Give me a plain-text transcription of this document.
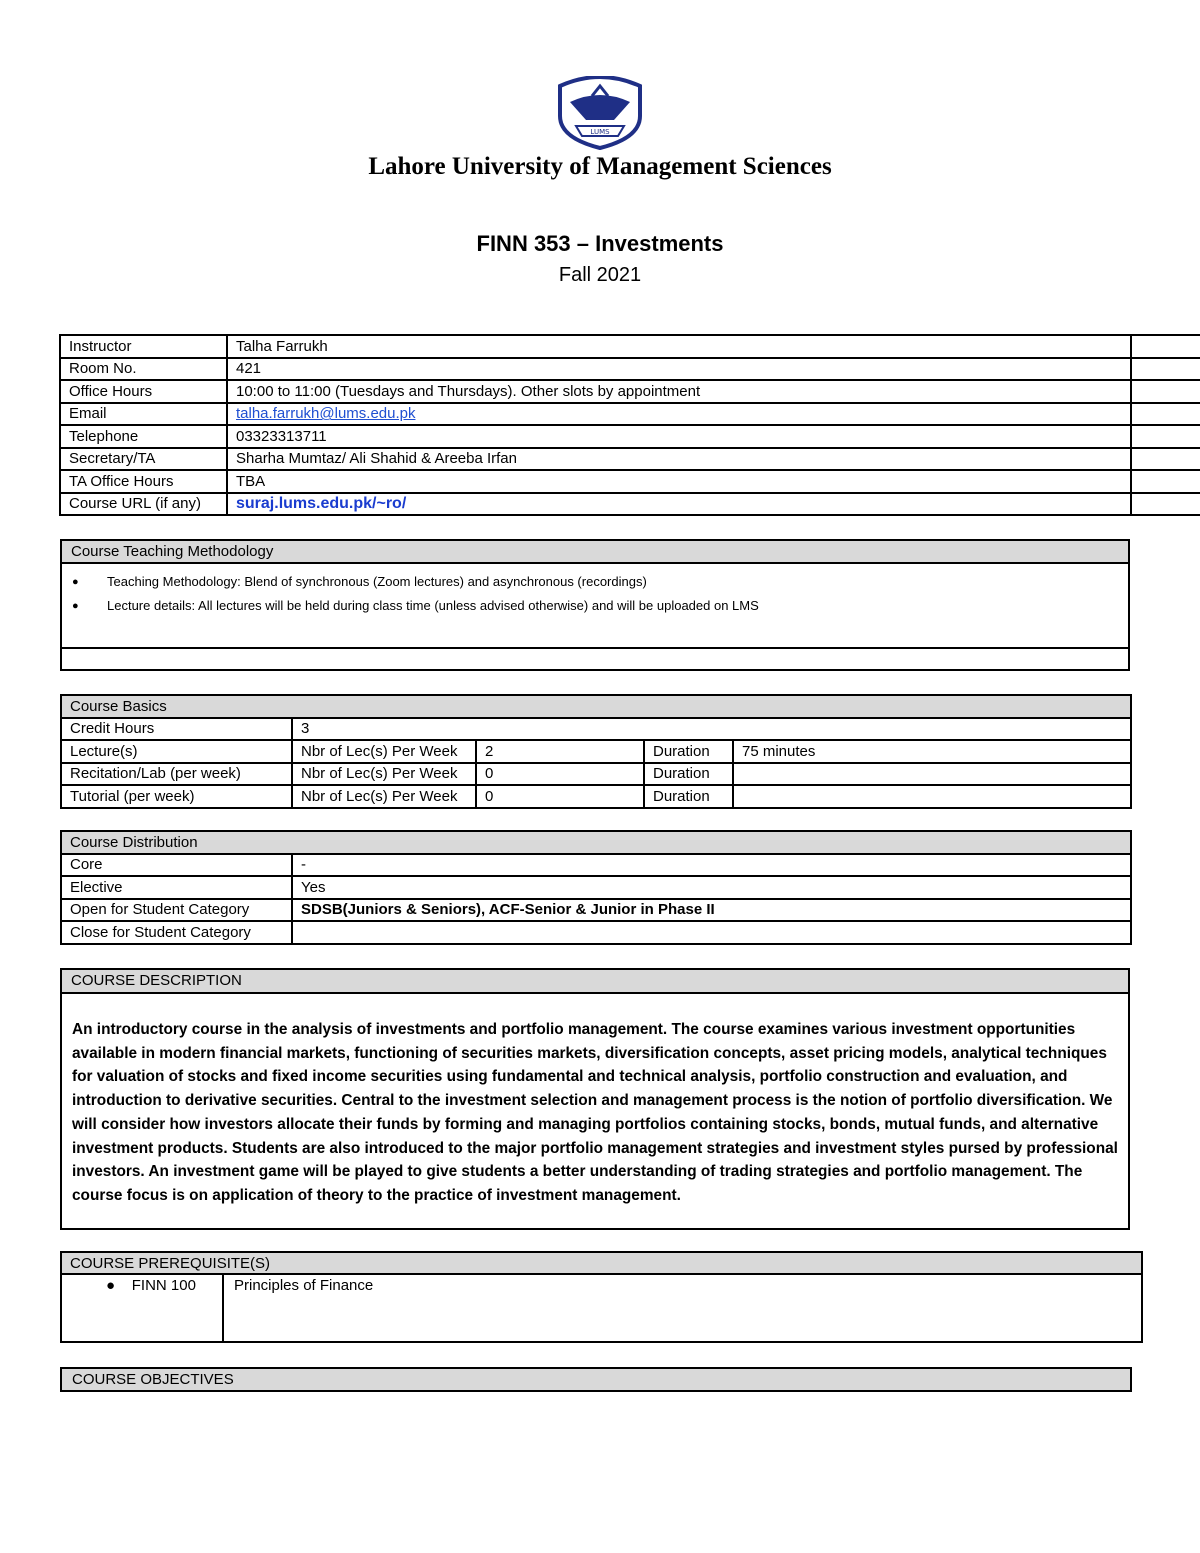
LUMS
Lahore University of Management Sciences
FINN 353 – Investments
Fall 2021
Instructor	Talha Farrukh	
Room No.	421	
Office Hours	10:00 to 11:00 (Tuesdays and Thursdays). Other slots by appointment	
Email	talha.farrukh@lums.edu.pk	
Telephone	03323313711	
Secretary/TA	Sharha Mumtaz/ Ali Shahid & Areeba Irfan	
TA Office Hours	TBA	
Course URL (if any)	suraj.lums.edu.pk/~ro/	
Course Teaching Methodology
● Teaching Methodology: Blend of synchronous (Zoom lectures) and asynchronous (recordings)
● Lecture details: All lectures will be held during class time (unless advised otherwise) and will be uploaded on LMS
Course Basics				
Credit Hours	3			
Lecture(s)	Nbr of Lec(s) Per Week	2	Duration	75 minutes
Recitation/Lab (per week)	Nbr of Lec(s) Per Week	0	Duration	
Tutorial (per week)	Nbr of Lec(s) Per Week	0	Duration	
Course Distribution	
Core	-
Elective	Yes
Open for Student Category	SDSB(Juniors & Seniors), ACF-Senior & Junior in Phase II
Close for Student Category	
COURSE DESCRIPTION
An introductory course in the analysis of investments and portfolio management. The course examines various investment opportunities available in modern financial markets, functioning of securities markets, diversification concepts, asset pricing models, analytical techniques for valuation of stocks and fixed income securities using fundamental and technical analysis, portfolio construction and evaluation, and introduction to derivative securities. Central to the investment selection and management process is the notion of portfolio diversification. We will consider how investors allocate their funds by forming and managing portfolios containing stocks, bonds, mutual funds, and alternative investment products. Students are also introduced to the major portfolio management strategies and investment styles pursed by professional investors. An investment game will be played to give students a better understanding of trading strategies and portfolio management. The course focus is on application of theory to the practice of investment management.
COURSE PREREQUISITE(S)
● FINN 100	Principles of Finance
COURSE OBJECTIVES
